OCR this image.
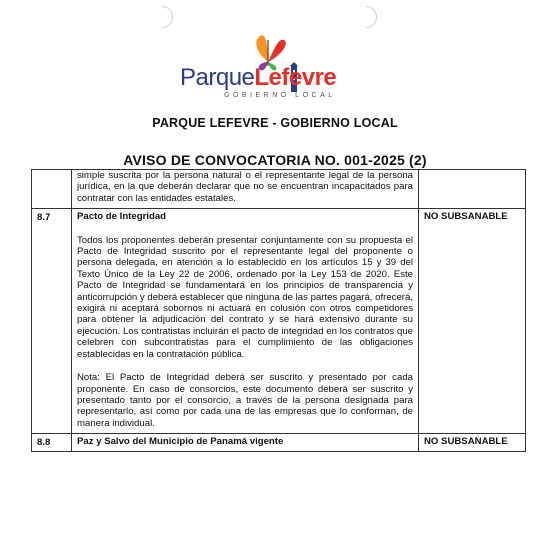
ParqueLefevre
GOBIERNO LOCAL
PARQUE LEFEVRE - GOBIERNO LOCAL
AVISO DE CONVOCATORIA NO. 001-2025 (2)

	simple suscrita por la persona natural o el representante legal de la persona jurídica, en la que deberán declarar que no se encuentran incapacitados para contratar con las entidades estatales.	

8.7	Pacto de Integridad

Todos los proponentes deberán presentar conjuntamente con su propuesta el Pacto de Integridad suscrito por el representante legal del proponente o persona delegada, en atención a lo establecido en los artículos 15 y 39 del Texto Único de la Ley 22 de 2006, ordenado por la Ley 153 de 2020. Este Pacto de Integridad se fundamentará en los principios de transparencia y anticorrupción y deberá establecer que ninguna de las partes pagará, ofrecerá, exigirá ni aceptará sobornos ni actuará en colusión con otros competidores para obtener la adjudicación del contrato y se hará extensivo durante su ejecución. Los contratistas incluirán el pacto de integridad en los contratos que celebren con subcontratistas para el cumplimiento de las obligaciones establecidas en la contratación pública.

Nota: El Pacto de Integridad deberá ser suscrito y presentado por cada proponente. En caso de consorcios, este documento deberá ser suscrito y presentado tanto por el consorcio, a través de la persona designada para representarlo, así como por cada una de las empresas que lo conforman, de manera individual.	NO SUBSANABLE
8.8	Paz y Salvo del Municipio de Panamá vigente	NO SUBSANABLE
